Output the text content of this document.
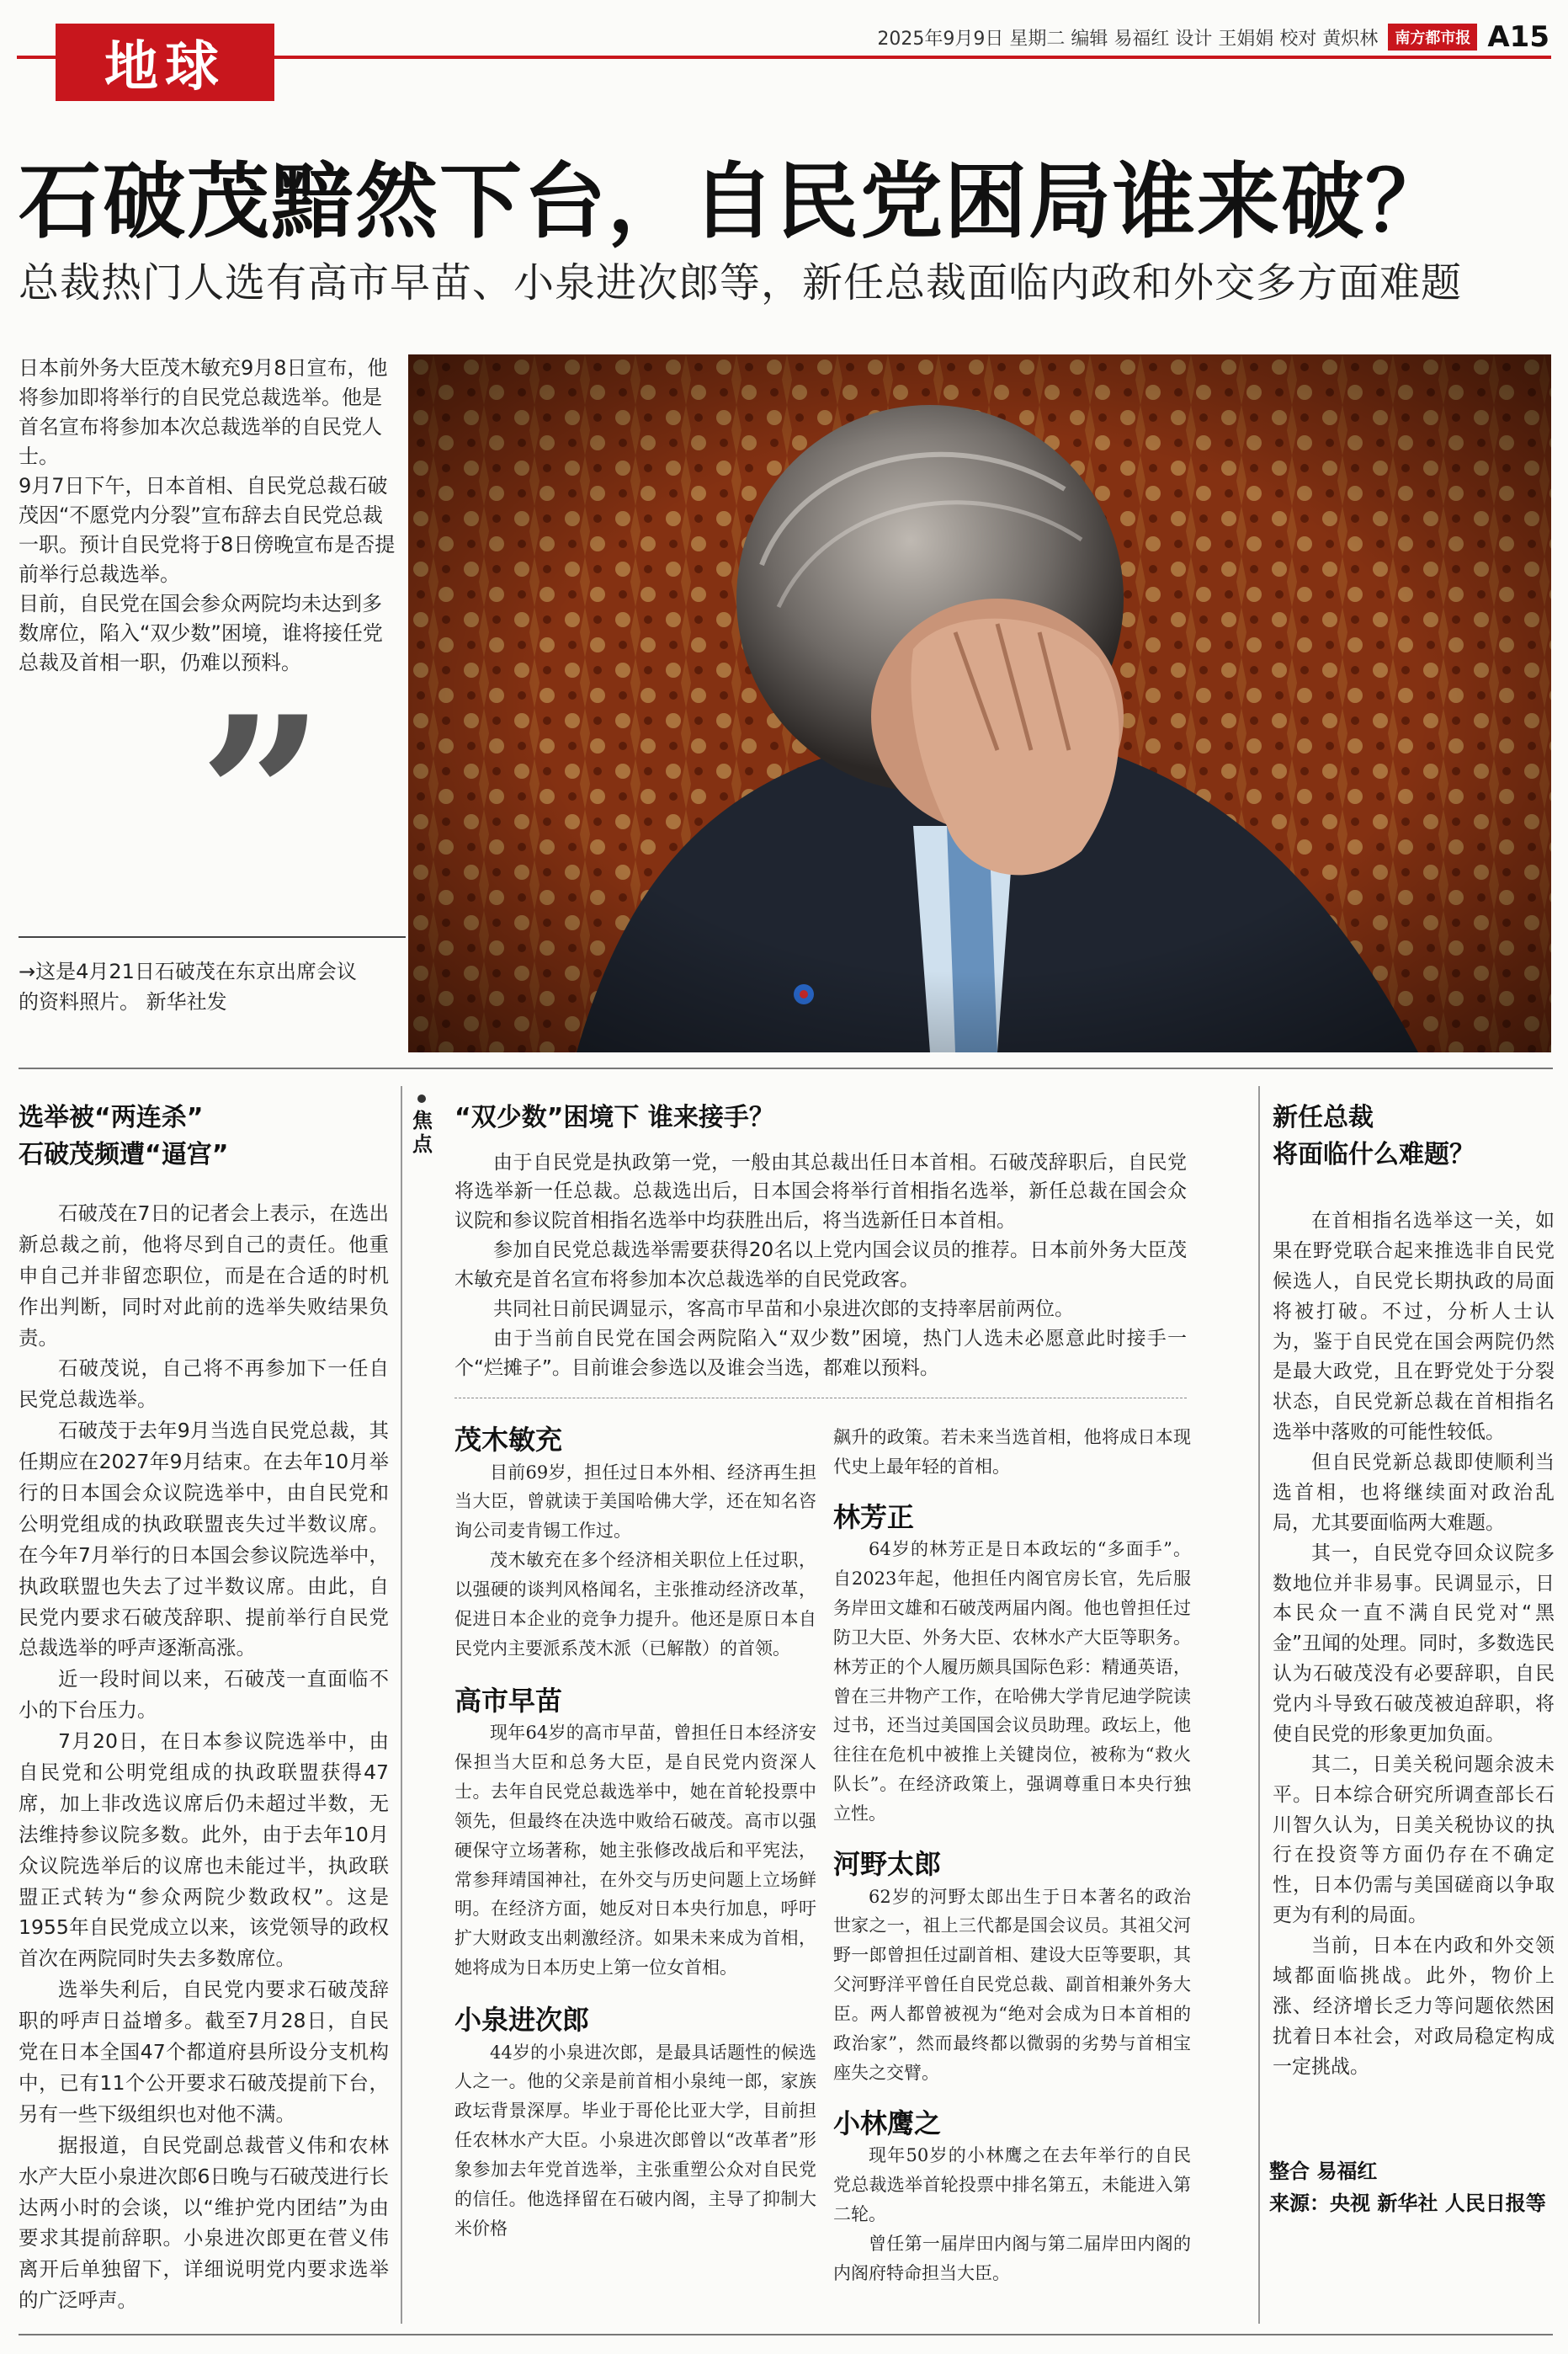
地球	2025年9月9日 星期二 编辑 易福红 设计 王娟娟 校对 黄炽林	南方都市报 A15
石破茂黯然下台，自民党困局谁来破？
总裁热门人选有高市早苗、小泉进次郎等，新任总裁面临内政和外交多方面难题

日本前外务大臣茂木敏充9月8日宣布，他将参加即将举行的自民党总裁选举。他是首名宣布将参加本次总裁选举的自民党人士。

9月7日下午，日本首相、自民党总裁石破茂因“不愿党内分裂”宣布辞去自民党总裁一职。预计自民党将于8日傍晚宣布是否提前举行总裁选举。

目前，自民党在国会参众两院均未达到多数席位，陷入“双少数”困境，谁将接任党总裁及首相一职，仍难以预料。

”
→这是4月21日石破茂在东京出席会议的资料照片。 新华社发
选举被“两连杀”
石破茂频遭“逼宫”

石破茂在7日的记者会上表示，在选出新总裁之前，他将尽到自己的责任。他重申自己并非留恋职位，而是在合适的时机作出判断，同时对此前的选举失败结果负责。

石破茂说，自己将不再参加下一任自民党总裁选举。

石破茂于去年9月当选自民党总裁，其任期应在2027年9月结束。在去年10月举行的日本国会众议院选举中，由自民党和公明党组成的执政联盟丧失过半数议席。在今年7月举行的日本国会参议院选举中，执政联盟也失去了过半数议席。由此，自民党内要求石破茂辞职、提前举行自民党总裁选举的呼声逐渐高涨。

近一段时间以来，石破茂一直面临不小的下台压力。

7月20日，在日本参议院选举中，由自民党和公明党组成的执政联盟获得47席，加上非改选议席后仍未超过半数，无法维持参议院多数。此外，由于去年10月众议院选举后的议席也未能过半，执政联盟正式转为“参众两院少数政权”。这是1955年自民党成立以来，该党领导的政权首次在两院同时失去多数席位。

选举失利后，自民党内要求石破茂辞职的呼声日益增多。截至7月28日，自民党在日本全国47个都道府县所设分支机构中，已有11个公开要求石破茂提前下台，另有一些下级组织也对他不满。

据报道，自民党副总裁菅义伟和农林水产大臣小泉进次郎6日晚与石破茂进行长达两小时的会谈，以“维护党内团结”为由要求其提前辞职。小泉进次郎更在菅义伟离开后单独留下，详细说明党内要求选举的广泛呼声。

焦点
“双少数”困境下 谁来接手？

由于自民党是执政第一党，一般由其总裁出任日本首相。石破茂辞职后，自民党将选举新一任总裁。总裁选出后，日本国会将举行首相指名选举，新任总裁在国会众议院和参议院首相指名选举中均获胜出后，将当选新任日本首相。

参加自民党总裁选举需要获得20名以上党内国会议员的推荐。日本前外务大臣茂木敏充是首名宣布将参加本次总裁选举的自民党政客。

共同社日前民调显示，客高市早苗和小泉进次郎的支持率居前两位。

由于当前自民党在国会两院陷入“双少数”困境，热门人选未必愿意此时接手一个“烂摊子”。目前谁会参选以及谁会当选，都难以预料。

茂木敏充

目前69岁，担任过日本外相、经济再生担当大臣，曾就读于美国哈佛大学，还在知名咨询公司麦肯锡工作过。

茂木敏充在多个经济相关职位上任过职，以强硬的谈判风格闻名，主张推动经济改革，促进日本企业的竞争力提升。他还是原日本自民党内主要派系茂木派（已解散）的首领。

高市早苗

现年64岁的高市早苗，曾担任日本经济安保担当大臣和总务大臣，是自民党内资深人士。去年自民党总裁选举中，她在首轮投票中领先，但最终在决选中败给石破茂。高市以强硬保守立场著称，她主张修改战后和平宪法，常参拜靖国神社，在外交与历史问题上立场鲜明。在经济方面，她反对日本央行加息，呼吁扩大财政支出刺激经济。如果未来成为首相，她将成为日本历史上第一位女首相。

小泉进次郎

44岁的小泉进次郎，是最具话题性的候选人之一。他的父亲是前首相小泉纯一郎，家族政坛背景深厚。毕业于哥伦比亚大学，目前担任农林水产大臣。小泉进次郎曾以“改革者”形象参加去年党首选举，主张重塑公众对自民党的信任。他选择留在石破内阁，主导了抑制大米价格

飙升的政策。若未来当选首相，他将成日本现代史上最年轻的首相。

林芳正

64岁的林芳正是日本政坛的“多面手”。自2023年起，他担任内阁官房长官，先后服务岸田文雄和石破茂两届内阁。他也曾担任过防卫大臣、外务大臣、农林水产大臣等职务。林芳正的个人履历颇具国际色彩：精通英语，曾在三井物产工作，在哈佛大学肯尼迪学院读过书，还当过美国国会议员助理。政坛上，他往往在危机中被推上关键岗位，被称为“救火队长”。在经济政策上，强调尊重日本央行独立性。

河野太郎

62岁的河野太郎出生于日本著名的政治世家之一，祖上三代都是国会议员。其祖父河野一郎曾担任过副首相、建设大臣等要职，其父河野洋平曾任自民党总裁、副首相兼外务大臣。两人都曾被视为“绝对会成为日本首相的政治家”，然而最终都以微弱的劣势与首相宝座失之交臂。

小林鹰之

现年50岁的小林鹰之在去年举行的自民党总裁选举首轮投票中排名第五，未能进入第二轮。

曾任第一届岸田内阁与第二届岸田内阁的内阁府特命担当大臣。

新任总裁
将面临什么难题？

在首相指名选举这一关，如果在野党联合起来推选非自民党候选人，自民党长期执政的局面将被打破。不过，分析人士认为，鉴于自民党在国会两院仍然是最大政党，且在野党处于分裂状态，自民党新总裁在首相指名选举中落败的可能性较低。

但自民党新总裁即使顺利当选首相，也将继续面对政治乱局，尤其要面临两大难题。

其一，自民党夺回众议院多数地位并非易事。民调显示，日本民众一直不满自民党对“黑金”丑闻的处理。同时，多数选民认为石破茂没有必要辞职，自民党内斗导致石破茂被迫辞职，将使自民党的形象更加负面。

其二，日美关税问题余波未平。日本综合研究所调查部长石川智久认为，日美关税协议的执行在投资等方面仍存在不确定性，日本仍需与美国磋商以争取更为有利的局面。

当前，日本在内政和外交领域都面临挑战。此外，物价上涨、经济增长乏力等问题依然困扰着日本社会，对政局稳定构成一定挑战。

整合 易福红
来源：央视 新华社 人民日报等
